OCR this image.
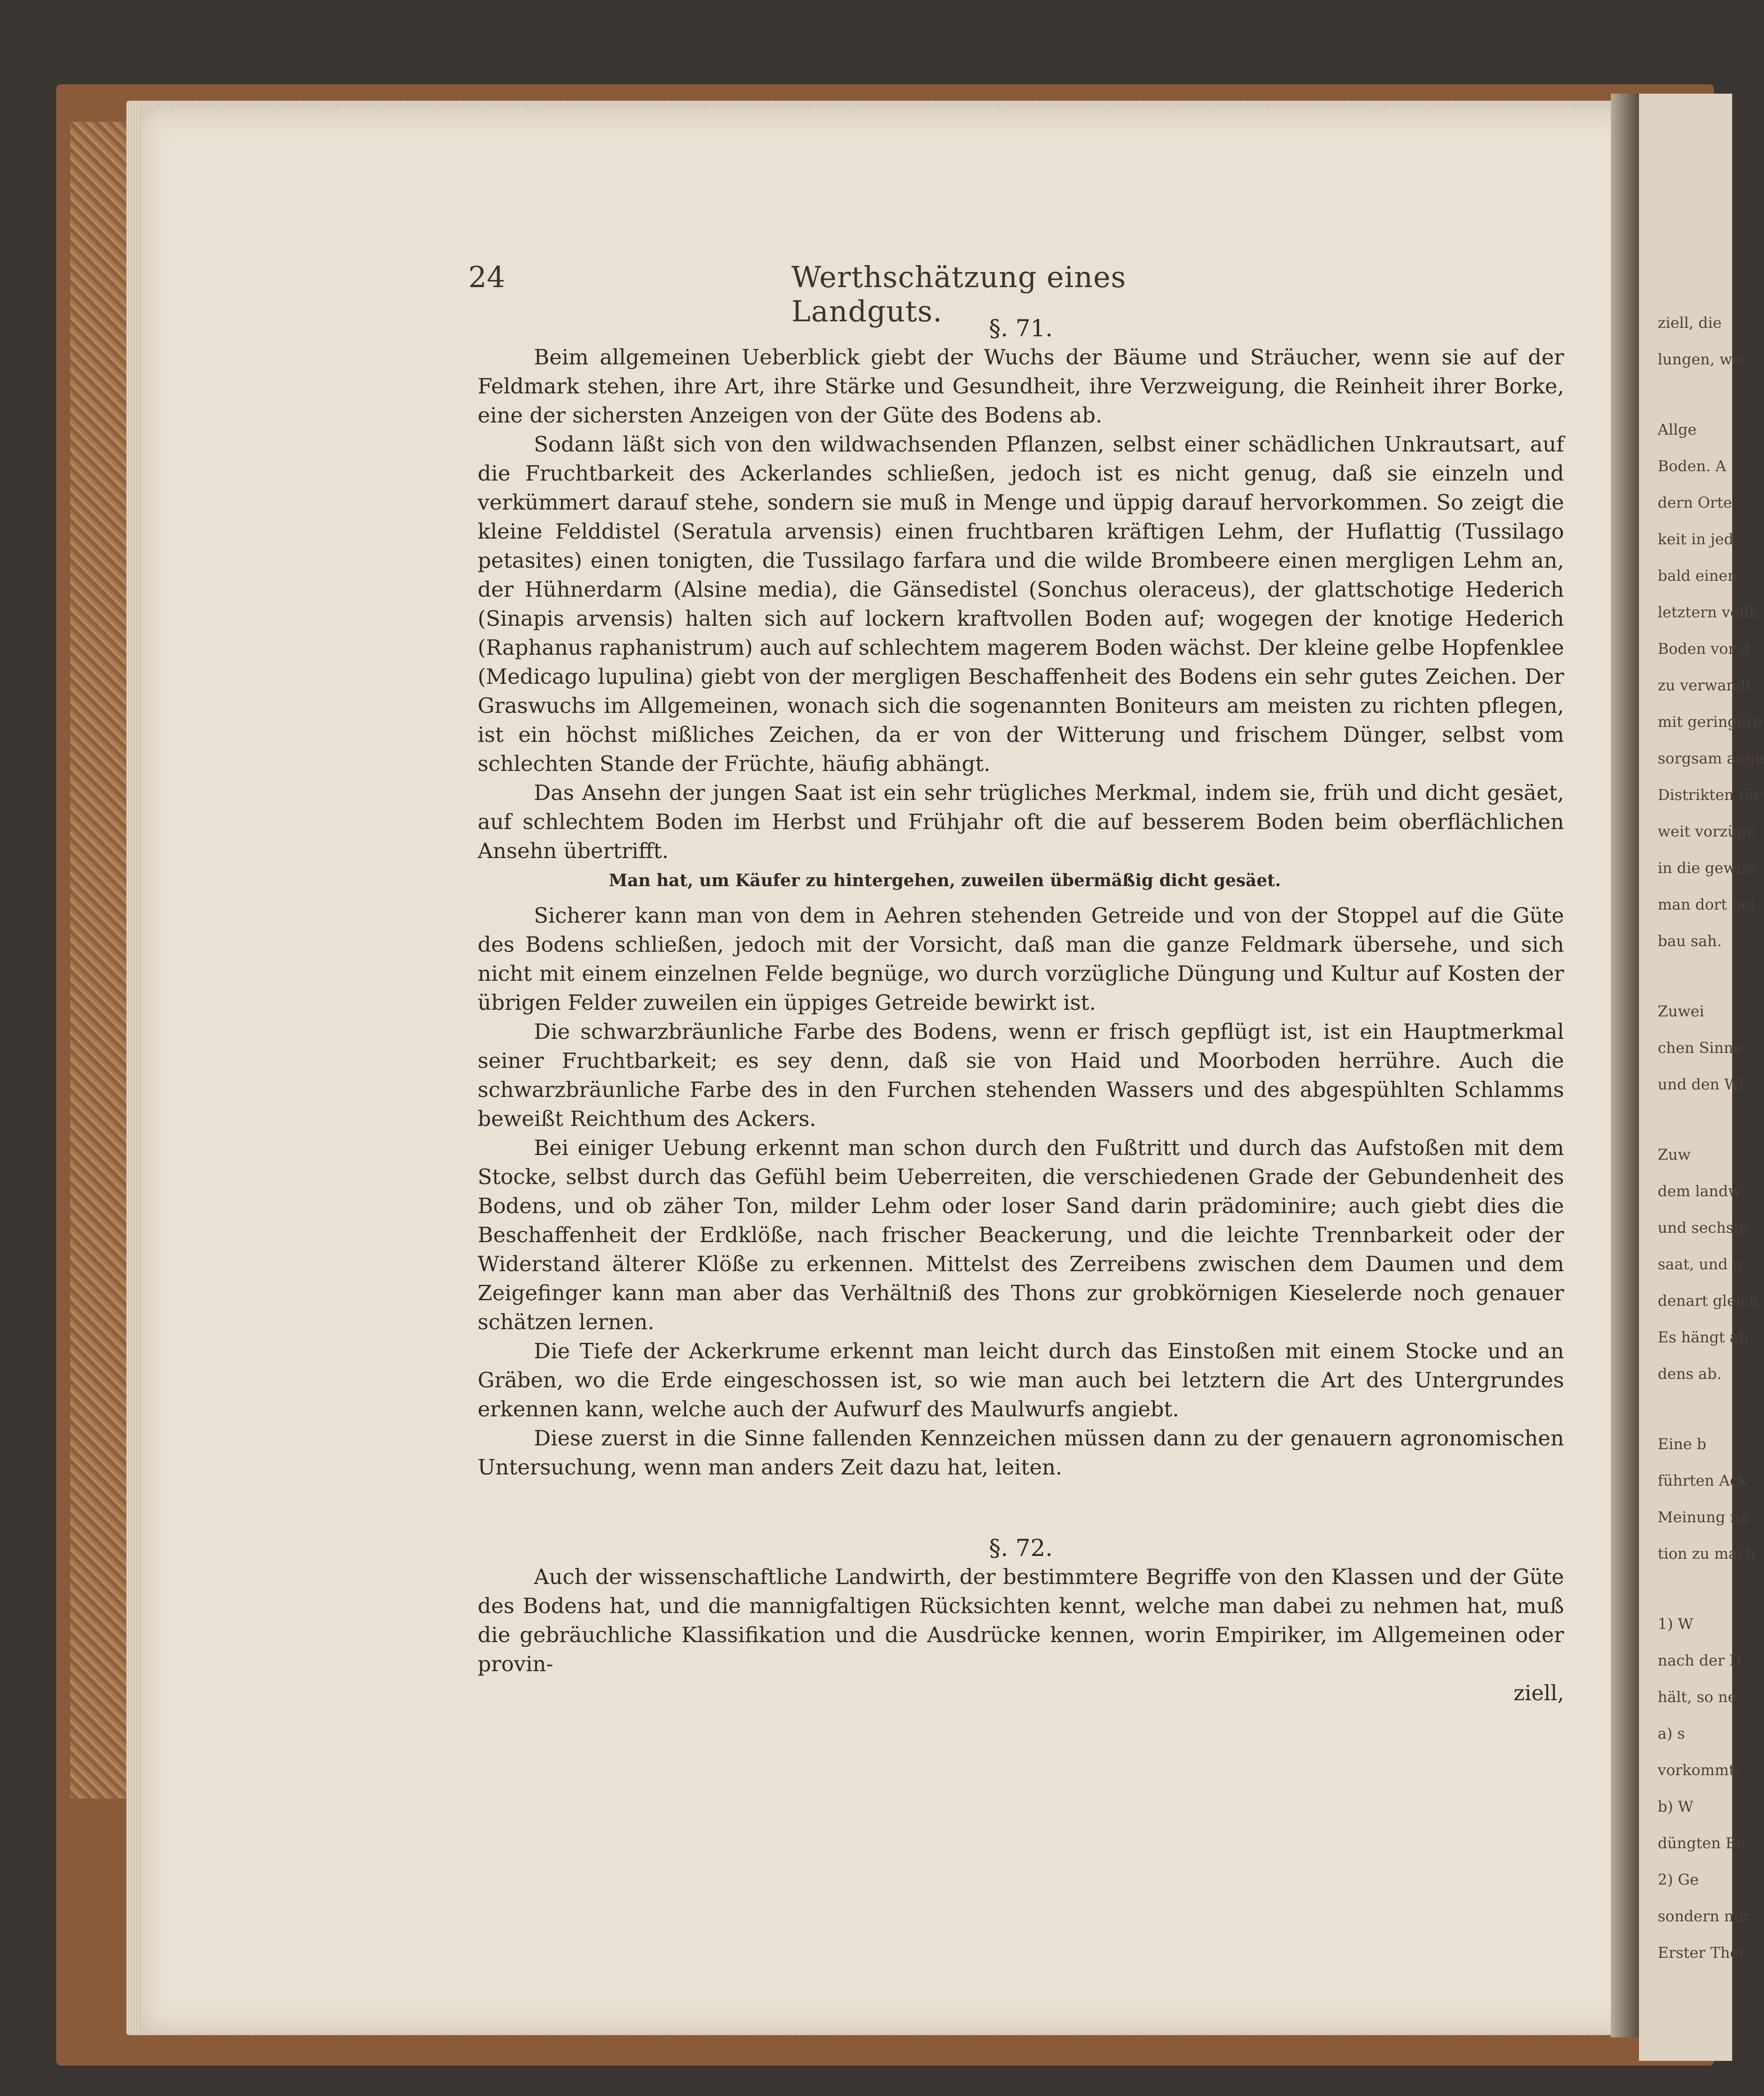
ziell, die
lungen, wer
Allge
Boden. A
dern Orte
keit in jed
bald einen
letztern vollk
Boden vor d
zu verwandt
mit geringere
sorgsam ange
Distrikten für
weit vorzüge
in die gewiss
man dort bei
bau sah.
Zuwei
chen Sinne
und den Wi
Zuw
dem landw
und sechste
saat, und n
denart gleich
Es hängt ab
dens ab.
Eine b
führten Ack
Meinung na
tion zu mach
1) W
nach der D
hält, so ne
a) s
vorkommt;
b) W
düngten Bo
2) Ge
sondern nur
Erster Thei
24	Werthschätzung eines Landguts.	§. 71.

Beim allgemeinen Ueberblick giebt der Wuchs der Bäume und Sträucher, wenn sie auf der Feldmark stehen, ihre Art, ihre Stärke und Gesundheit, ihre Verzweigung, die Reinheit ihrer Borke, eine der sichersten Anzeigen von der Güte des Bodens ab.

Sodann läßt sich von den wildwachsenden Pflanzen, selbst einer schädlichen Unkrautsart, auf die Fruchtbarkeit des Ackerlandes schließen, jedoch ist es nicht genug, daß sie einzeln und verkümmert darauf stehe, sondern sie muß in Menge und üppig darauf hervorkommen. So zeigt die kleine Felddistel (Seratula arvensis) einen fruchtbaren kräftigen Lehm, der Huflattig (Tussilago petasites) einen tonigten, die Tussilago farfara und die wilde Brombeere einen mergligen Lehm an, der Hühnerdarm (Alsine media), die Gänsedistel (Sonchus oleraceus), der glattschotige Hederich (Sinapis arvensis) halten sich auf lockern kraftvollen Boden auf; wogegen der knotige Hederich (Raphanus raphanistrum) auch auf schlechtem magerem Boden wächst. Der kleine gelbe Hopfenklee (Medicago lupulina) giebt von der mergligen Beschaffenheit des Bodens ein sehr gutes Zeichen. Der Graswuchs im Allgemeinen, wonach sich die sogenannten Boniteurs am meisten zu richten pflegen, ist ein höchst mißliches Zeichen, da er von der Witterung und frischem Dünger, selbst vom schlechten Stande der Früchte, häufig abhängt.

Das Ansehn der jungen Saat ist ein sehr trügliches Merkmal, indem sie, früh und dicht gesäet, auf schlechtem Boden im Herbst und Frühjahr oft die auf besserem Boden beim oberflächlichen Ansehn übertrifft.

Man hat, um Käufer zu hintergehen, zuweilen übermäßig dicht gesäet.

Sicherer kann man von dem in Aehren stehenden Getreide und von der Stoppel auf die Güte des Bodens schließen, jedoch mit der Vorsicht, daß man die ganze Feldmark übersehe, und sich nicht mit einem einzelnen Felde begnüge, wo durch vorzügliche Düngung und Kultur auf Kosten der übrigen Felder zuweilen ein üppiges Getreide bewirkt ist.

Die schwarzbräunliche Farbe des Bodens, wenn er frisch gepflügt ist, ist ein Hauptmerkmal seiner Fruchtbarkeit; es sey denn, daß sie von Haid und Moorboden herrühre. Auch die schwarzbräunliche Farbe des in den Furchen stehenden Wassers und des abgespühlten Schlamms beweißt Reichthum des Ackers.

Bei einiger Uebung erkennt man schon durch den Fußtritt und durch das Aufstoßen mit dem Stocke, selbst durch das Gefühl beim Ueberreiten, die verschiedenen Grade der Gebundenheit des Bodens, und ob zäher Ton, milder Lehm oder loser Sand darin prädominire; auch giebt dies die Beschaffenheit der Erdklöße, nach frischer Beackerung, und die leichte Trennbarkeit oder der Widerstand älterer Klöße zu erkennen. Mittelst des Zerreibens zwischen dem Daumen und dem Zeigefinger kann man aber das Verhältniß des Thons zur grobkörnigen Kieselerde noch genauer schätzen lernen.

Die Tiefe der Ackerkrume erkennt man leicht durch das Einstoßen mit einem Stocke und an Gräben, wo die Erde eingeschossen ist, so wie man auch bei letztern die Art des Untergrundes erkennen kann, welche auch der Aufwurf des Maulwurfs angiebt.

Diese zuerst in die Sinne fallenden Kennzeichen müssen dann zu der genauern agronomischen Untersuchung, wenn man anders Zeit dazu hat, leiten.

§. 72.

Auch der wissenschaftliche Landwirth, der bestimmtere Begriffe von den Klassen und der Güte des Bodens hat, und die mannigfaltigen Rücksichten kennt, welche man dabei zu nehmen hat, muß die gebräuchliche Klassifikation und die Ausdrücke kennen, worin Empiriker, im Allgemeinen oder provin-

ziell,
